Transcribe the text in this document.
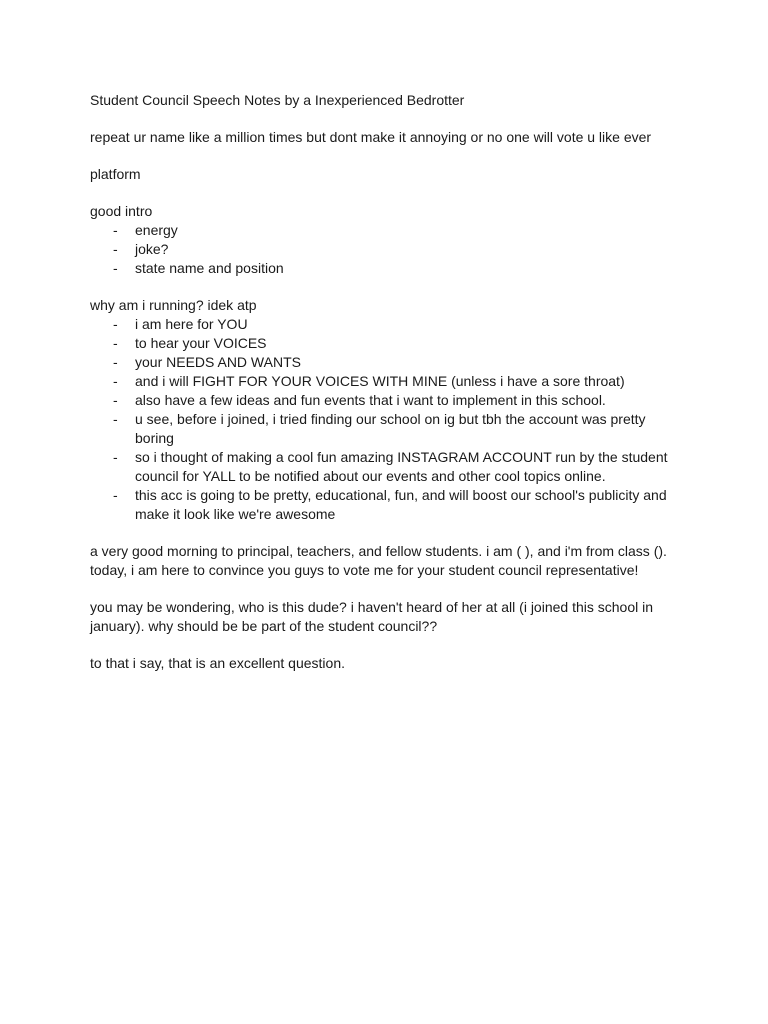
Student Council Speech Notes by a Inexperienced Bedrotter

repeat ur name like a million times but dont make it annoying or no one will vote u like ever

platform

good intro

- energy
- joke?
- state name and position

why am i running? idek atp

- i am here for YOU
- to hear your VOICES
- your NEEDS AND WANTS
- and i will FIGHT FOR YOUR VOICES WITH MINE (unless i have a sore throat)
- also have a few ideas and fun events that i want to implement in this school.
- u see, before i joined, i tried finding our school on ig but tbh the account was pretty boring
- so i thought of making a cool fun amazing INSTAGRAM ACCOUNT run by the student council for YALL to be notified about our events and other cool topics online.
- this acc is going to be pretty, educational, fun, and will boost our school's publicity and make it look like we're awesome

a very good morning to principal, teachers, and fellow students. i am ( ), and i'm from class (). today, i am here to convince you guys to vote me for your student council representative!

you may be wondering, who is this dude? i haven't heard of her at all (i joined this school in january). why should be be part of the student council??

to that i say, that is an excellent question.
